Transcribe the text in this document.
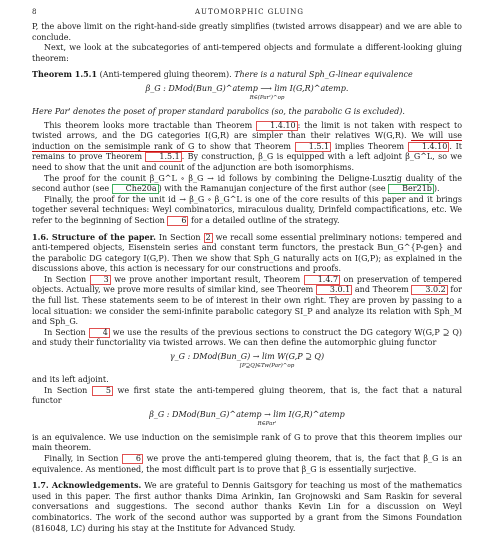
8	AUTOMORPHIC GLUING

P, the above limit on the right-hand-side greatly simplifies (twisted arrows disappear) and we are able to conclude.

Next, we look at the subcategories of anti-tempered objects and formulate a different-looking gluing theorem:

Theorem 1.5.1 (Anti-tempered gluing theorem). There is a natural Sph_G-linear equivalence

β_G : DMod(Bun_G)^atemp ⟶ lim I(G,R)^atemp.
R∈(Par')^op

Here Par' denotes the poset of proper standard parabolics (so, the parabolic G is excluded).

This theorem looks more tractable than Theorem 1.4.10 : the limit is not taken with respect to twisted arrows, and the DG categories I(G,R) are simpler than their relatives W(G,R). We will use induction on the semisimple rank of G to show that Theorem 1.5.1 implies Theorem 1.4.10 . It remains to prove Theorem 1.5.1 . By construction, β_G is equipped with a left adjoint β_G^L, so we need to show that the unit and counit of the adjunction are both isomorphisms.

The proof for the counit β_G^L ∘ β_G → id follows by combining the Deligne-Lusztig duality of the second author (see Che20a ) with the Ramanujan conjecture of the first author (see Ber21b ).

Finally, the proof for the unit id → β_G ∘ β_G^L is one of the core results of this paper and it brings together several techniques: Weyl combinatorics, miraculous duality, Drinfeld compactifications, etc. We refer to the beginning of Section 6 for a detailed outline of the strategy.

1.6. Structure of the paper. In Section 2 we recall some essential preliminary notions: tempered and anti-tempered objects, Eisenstein series and constant term functors, the prestack Bun_G^{P-gen} and the parabolic DG category I(G,P). Then we show that Sph_G naturally acts on I(G,P); as explained in the discussions above, this action is necessary for our constructions and proofs.

In Section 3 we prove another important result, Theorem 1.4.7 on preservation of tempered objects. Actually, we prove more results of similar kind, see Theorem 3.0.1 and Theorem 3.0.2 for the full list. These statements seem to be of interest in their own right. They are proven by passing to a local situation: we consider the semi-infinite parabolic category SI_P and analyze its relation with Sph_M and Sph_G.

In Section 4 we use the results of the previous sections to construct the DG category W(G,P ⊇ Q) and study their functoriality via twisted arrows. We can then define the automorphic gluing functor

γ_G : DMod(Bun_G) → lim W(G,P ⊇ Q)
[P⊇Q]∈Tw(Par)^op

and its left adjoint.

In Section 5 we first state the anti-tempered gluing theorem, that is, the fact that a natural functor

β_G : DMod(Bun_G)^atemp → lim I(G,R)^atemp
R∈Par'

is an equivalence. We use induction on the semisimple rank of G to prove that this theorem implies our main theorem.

Finally, in Section 6 we prove the anti-tempered gluing theorem, that is, the fact that β_G is an equivalence. As mentioned, the most difficult part is to prove that β_G is essentially surjective.

1.7. Acknowledgements. We are grateful to Dennis Gaitsgory for teaching us most of the mathematics used in this paper. The first author thanks Dima Arinkin, Ian Grojnowski and Sam Raskin for several conversations and suggestions. The second author thanks Kevin Lin for a discussion on Weyl combinatorics. The work of the second author was supported by a grant from the Simons Foundation (816048, LC) during his stay at the Institute for Advanced Study.
